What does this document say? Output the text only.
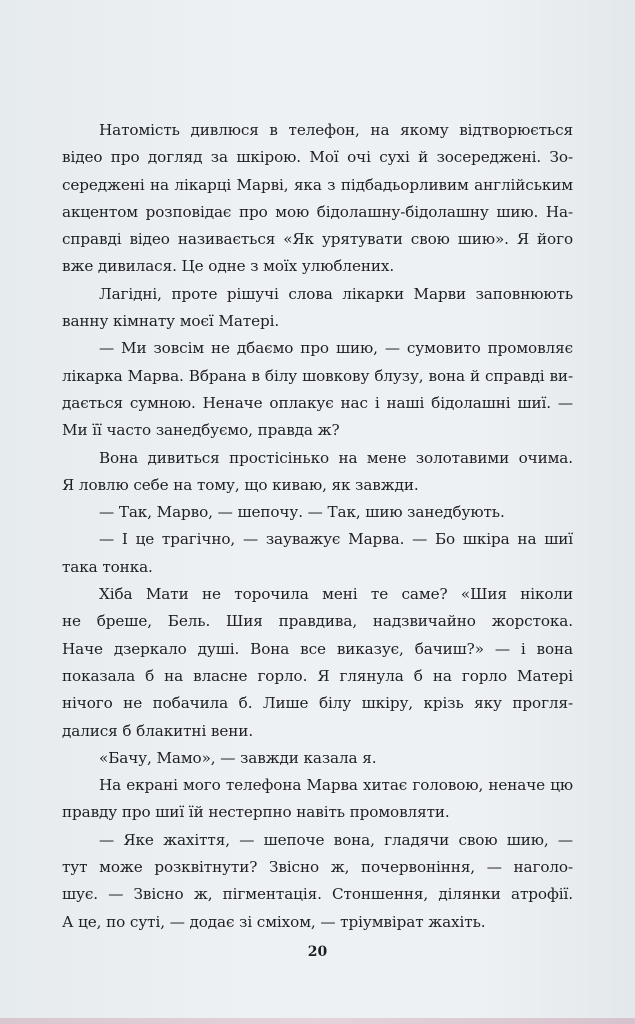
Натомість дивлюся в телефон, на якому відтворюється
відео про догляд за шкірою. Мої очі сухі й зосереджені. Зо-
середжені на лікарці Марві, яка з підбадьорливим англійським
акцентом розповідає про мою бідолашну-бідолашну шию. На-
справді відео називається «Як урятувати свою шию». Я його
вже дивилася. Це одне з моїх улюблених.
Лагідні, проте рішучі слова лікарки Марви заповнюють
ванну кімнату моєї Матері.
— Ми зовсім не дбаємо про шию, — сумовито промовляє
лікарка Марва. Вбрана в білу шовкову блузу, вона й справді ви-
дається сумною. Неначе оплакує нас і наші бідолашні шиї. —
Ми її часто занедбуємо, правда ж?
Вона дивиться простісінько на мене золотавими очима.
Я ловлю себе на тому, що киваю, як завжди.
— Так, Марво, — шепочу. — Так, шию занедбують.
— І це трагічно, — зауважує Марва. — Бо шкіра на шиї
така тонка.
Хіба Мати не торочила мені те саме? «Шия ніколи
не бреше, Бель. Шия правдива, надзвичайно жорстока.
Наче дзеркало душі. Вона все виказує, бачиш?» — і вона
показала б на власне горло. Я глянула б на горло Матері
нічого не побачила б. Лише білу шкіру, крізь яку прогля-
далися б блакитні вени.
«Бачу, Мамо», — завжди казала я.
На екрані мого телефона Марва хитає головою, неначе цю
правду про шиї їй нестерпно навіть промовляти.
— Яке жахіття, — шепоче вона, гладячи свою шию, —
тут може розквітнути? Звісно ж, почервоніння, — наголо-
шує. — Звісно ж, пігментація. Стоншення, ділянки атрофії.
А це, по суті, — додає зі сміхом, — тріумвірат жахіть.
20
